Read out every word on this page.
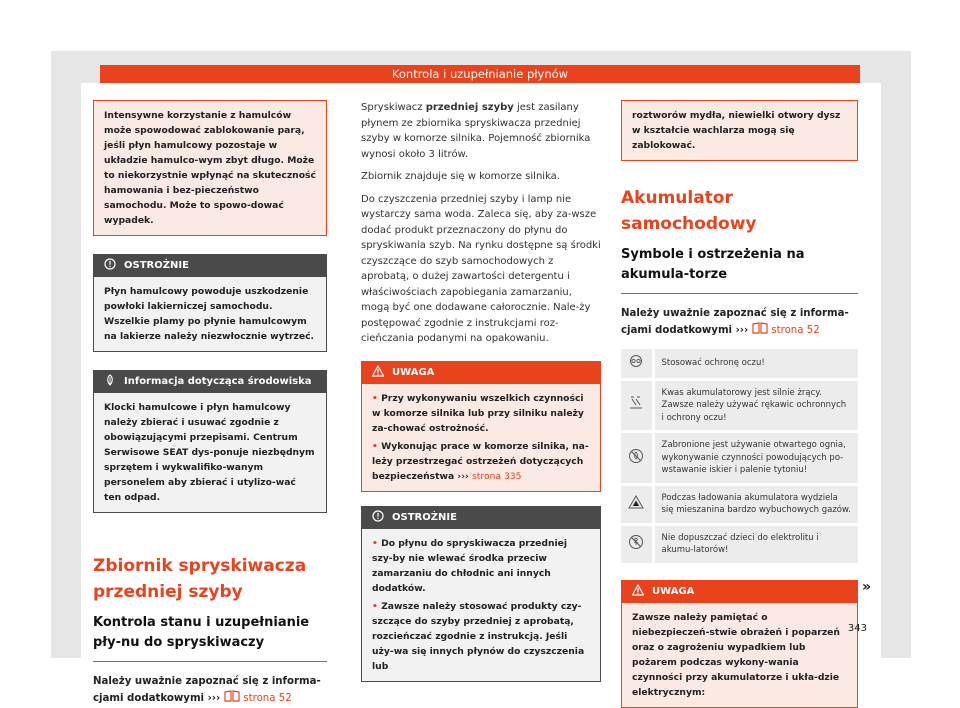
Kontrola i uzupełnianie płynów
Intensywne korzystanie z hamulców może spowodować zablokowanie parą, jeśli płyn hamulcowy pozostaje w układzie hamulco-wym zbyt długo. Może to niekorzystnie wpłynąć na skuteczność hamowania i bez-pieczeństwo samochodu. Może to spowo-dować wypadek.
OSTROŻNIE
Płyn hamulcowy powoduje uszkodzenie powłoki lakierniczej samochodu. Wszelkie plamy po płynie hamulcowym na lakierze należy niezwłocznie wytrzeć.
Informacja dotycząca środowiska
Klocki hamulcowe i płyn hamulcowy należy zbierać i usuwać zgodnie z obowiązującymi przepisami. Centrum Serwisowe SEAT dys-ponuje niezbędnym sprzętem i wykwalifiko-wanym personelem aby zbierać i utylizo-wać ten odpad.
Zbiornik spryskiwacza przedniej szyby
Kontrola stanu i uzupełnianie pły-nu do spryskiwaczy
Należy uważnie zapoznać się z informa-cjami dodatkowymi ››› strona 52
Spryskiwacz przedniej szyby jest zasilany płynem ze zbiornika spryskiwacza przedniej szyby w komorze silnika. Pojemność zbiornika wynosi około 3 litrów.
Zbiornik znajduje się w komorze silnika.
Do czyszczenia przedniej szyby i lamp nie wystarczy sama woda. Zaleca się, aby za-wsze dodać produkt przeznaczony do płynu do spryskiwania szyb. Na rynku dostępne są środki czyszczące do szyb samochodowych z aprobatą, o dużej zawartości detergentu i właściwościach zapobiegania zamarzaniu, mogą być one dodawane całorocznie. Nale-ży postępować zgodnie z instrukcjami roz-cieńczania podanymi na opakowaniu.
UWAGA
• Przy wykonywaniu wszelkich czynności w komorze silnika lub przy silniku należy za-chować ostrożność.
• Wykonując prace w komorze silnika, na-leży przestrzegać ostrzeżeń dotyczących bezpieczeństwa ››› strona 335
OSTROŻNIE
• Do płynu do spryskiwacza przedniej szy-by nie wlewać środka przeciw zamarzaniu do chłodnic ani innych dodatków.
• Zawsze należy stosować produkty czy-szczące do szyby przedniej z aprobatą, rozcieńczać zgodnie z instrukcją. Jeśli uży-wa się innych płynów do czyszczenia lub
roztworów mydła, niewielki otwory dysz w kształcie wachlarza mogą się zablokować.
Akumulator samochodowy
Symbole i ostrzeżenia na akumula-torze
Należy uważnie zapoznać się z informa-cjami dodatkowymi ››› strona 52
	Stosować ochronę oczu!
	Kwas akumulatorowy jest silnie żrący. Zawsze należy używać rękawic ochronnych i ochrony oczu!
	Zabronione jest używanie otwartego ognia, wykonywanie czynności powodujących po-wstawanie iskier i palenie tytoniu!
	Podczas ładowania akumulatora wydziela się mieszanina bardzo wybuchowych gazów.
	Nie dopuszczać dzieci do elektrolitu i akumu-latorów!
UWAGA
Zawsze należy pamiętać o niebezpieczeń-stwie obrażeń i poparzeń oraz o zagrożeniu wypadkiem lub pożarem podczas wykony-wania czynności przy akumulatorze i ukła-dzie elektrycznym:
»
343
